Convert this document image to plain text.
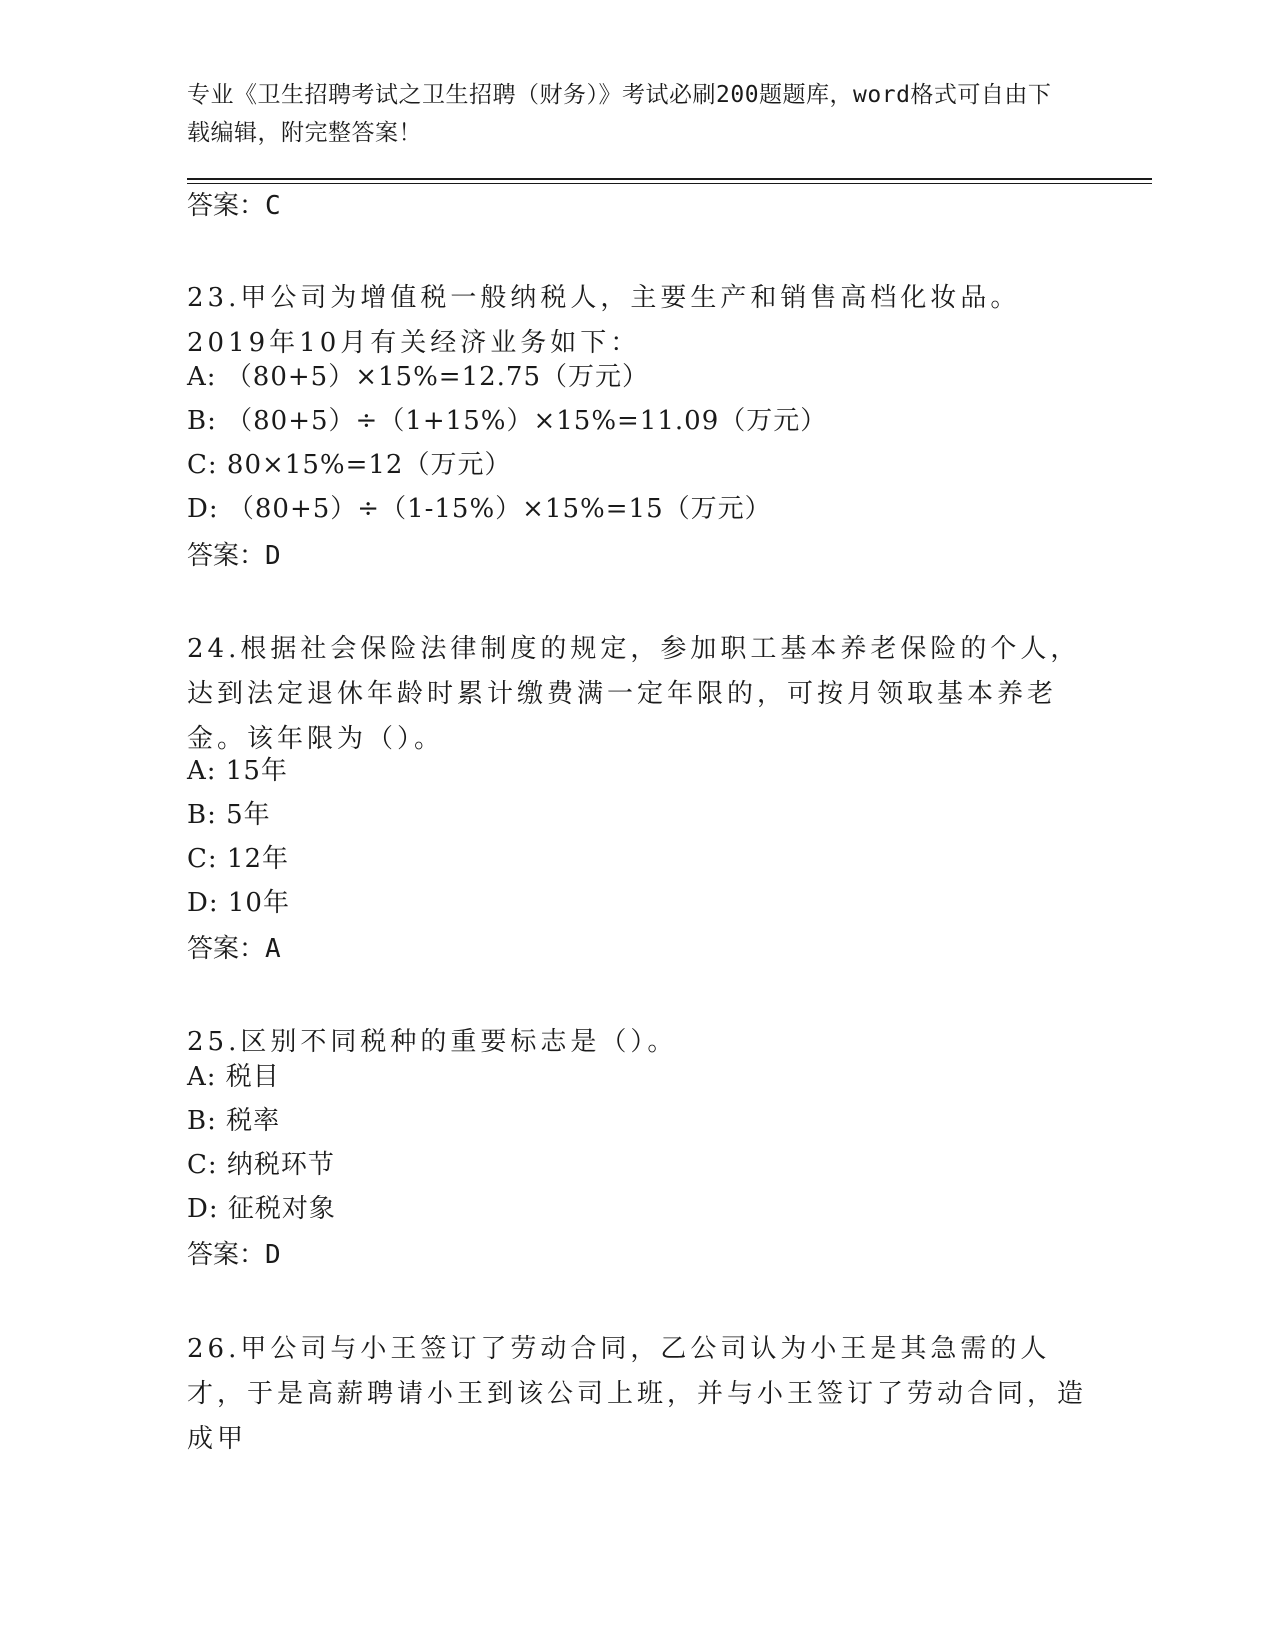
专业《卫生招聘考试之卫生招聘（财务）》考试必刷200题题库，word格式可自由下载编辑，附完整答案！
答案：C
23.甲公司为增值税一般纳税人，主要生产和销售高档化妆品。2019年10月有关经济业务如下：
A: （80+5）×15%=12.75（万元）
B: （80+5）÷（1+15%）×15%=11.09（万元）
C: 80×15%=12（万元）
D: （80+5）÷（1-15%）×15%=15（万元）
答案：D
24.根据社会保险法律制度的规定，参加职工基本养老保险的个人，达到法定退休年龄时累计缴费满一定年限的，可按月领取基本养老金。该年限为（）。
A: 15年
B: 5年
C: 12年
D: 10年
答案：A
25.区别不同税种的重要标志是（）。
A: 税目
B: 税率
C: 纳税环节
D: 征税对象
答案：D
26.甲公司与小王签订了劳动合同，乙公司认为小王是其急需的人才，于是高薪聘请小王到该公司上班，并与小王签订了劳动合同，造成甲
